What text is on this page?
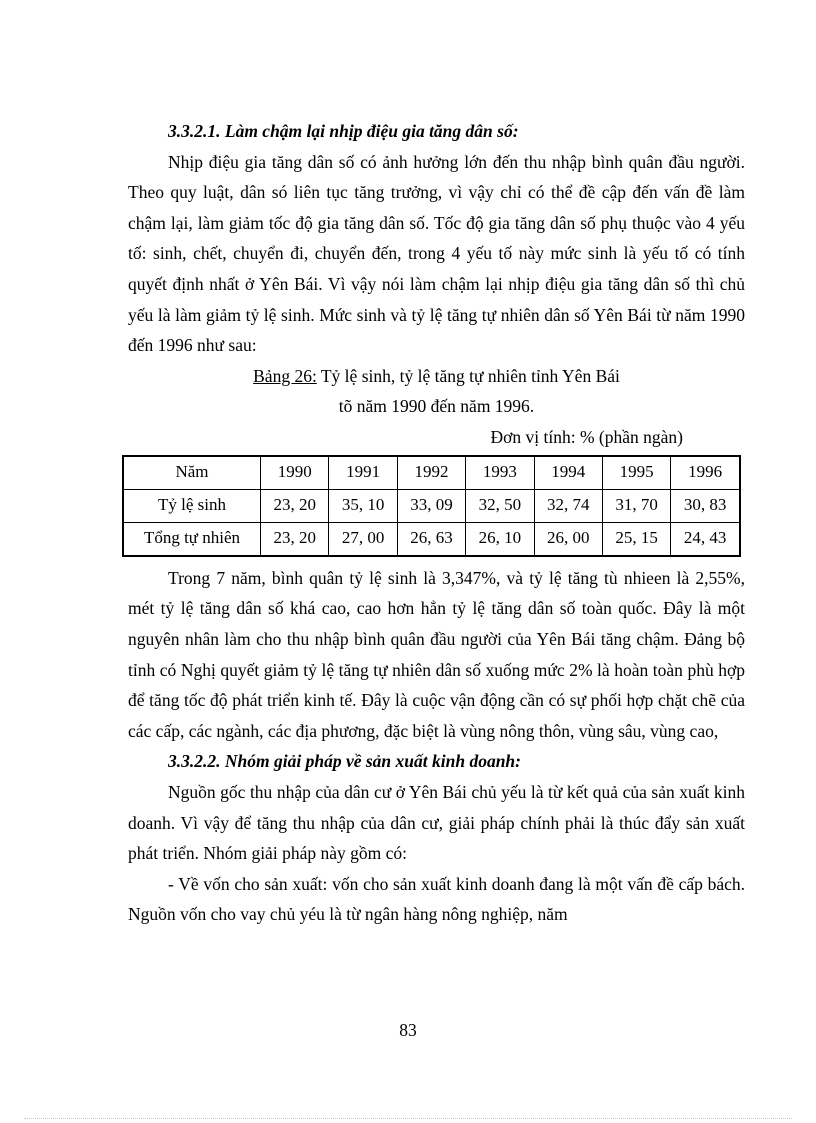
3.3.2.1. Làm chậm lại nhịp điệu gia tăng dân số:

Nhịp điệu gia tăng dân số có ảnh hưởng lớn đến thu nhập bình quân đầu người. Theo quy luật, dân só liên tục tăng trưởng, vì vậy chỉ có thể đề cập đến vấn đề làm chậm lại, làm giảm tốc độ gia tăng dân số. Tốc độ gia tăng dân số phụ thuộc vào 4 yếu tố: sinh, chết, chuyển đi, chuyển đến, trong 4 yếu tố này mức sinh là yếu tố có tính quyết định nhất ở Yên Bái. Vì vậy nói làm chậm lại nhịp điệu gia tăng dân số thì chủ yếu là làm giảm tỷ lệ sinh. Mức sinh và tỷ lệ tăng tự nhiên dân số Yên Bái từ năm 1990 đến 1996 như sau:

Bảng 26: Tỷ lệ sinh, tỷ lệ tăng tự nhiên tỉnh Yên Bái
tõ năm 1990 đến năm 1996.
Đơn vị tính: % (phần ngàn)
Năm	1990	1991	1992	1993	1994	1995	1996
Tỷ lệ sinh	23, 20	35, 10	33, 09	32, 50	32, 74	31, 70	30, 83
Tổng tự nhiên	23, 20	27, 00	26, 63	26, 10	26, 00	25, 15	24, 43

Trong 7 năm, bình quân tỷ lệ sinh là 3,347%, và tỷ lệ tăng tù nhieen là 2,55%, mét tỷ lệ tăng dân số khá cao, cao hơn hẳn tỷ lệ tăng dân số toàn quốc. Đây là một nguyên nhân làm cho thu nhập bình quân đầu người của Yên Bái tăng chậm. Đảng bộ tỉnh có Nghị quyết giảm tỷ lệ tăng tự nhiên dân số xuống mức 2% là hoàn toàn phù hợp để tăng tốc độ phát triển kinh tế. Đây là cuộc vận động cần có sự phối hợp chặt chẽ của các cấp, các ngành, các địa phương, đặc biệt là vùng nông thôn, vùng sâu, vùng cao,

3.3.2.2. Nhóm giải pháp về sản xuất kinh doanh:

Nguồn gốc thu nhập của dân cư ở Yên Bái chủ yếu là từ kết quả của sản xuất kinh doanh. Vì vậy để tăng thu nhập của dân cư, giải pháp chính phải là thúc đẩy sản xuất phát triển. Nhóm giải pháp này gồm có:

- Về vốn cho sản xuất: vốn cho sản xuất kinh doanh đang là một vấn đề cấp bách. Nguồn vốn cho vay chủ yéu là từ ngân hàng nông nghiệp, năm

83
